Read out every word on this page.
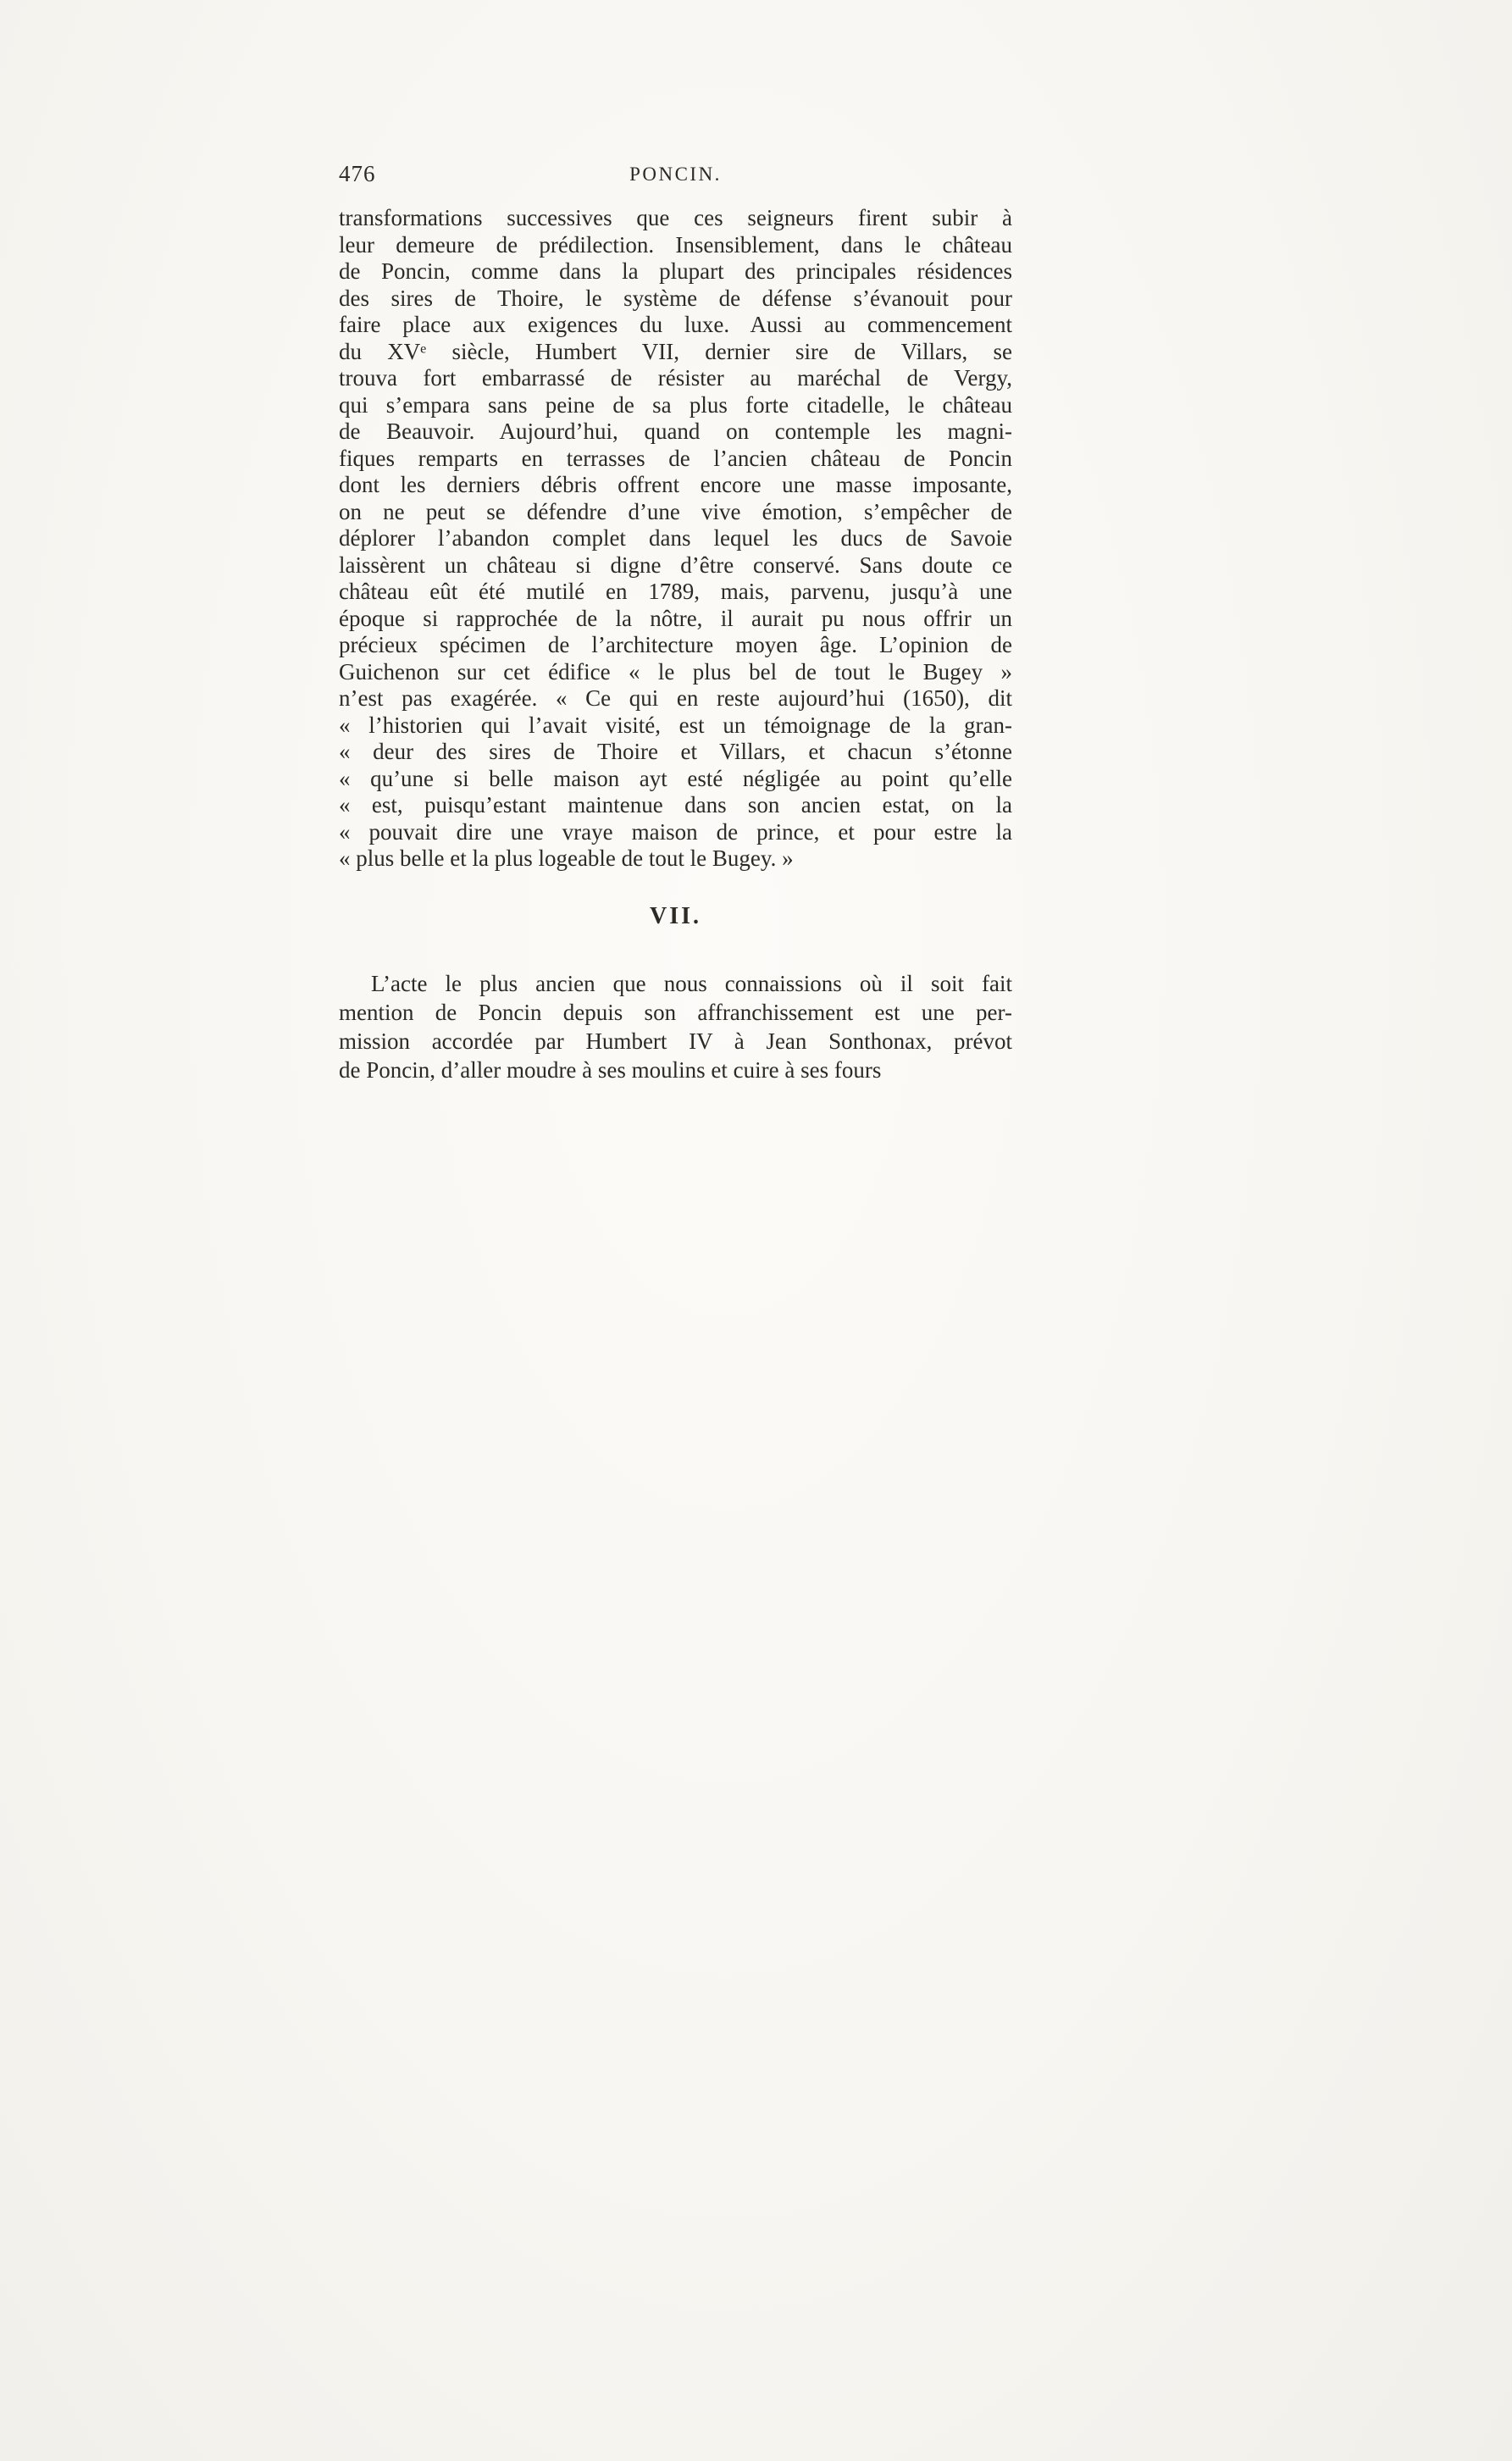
476	PONCIN.
transformations successives que ces seigneurs firent subir à
leur demeure de prédilection. Insensiblement, dans le château
de Poncin, comme dans la plupart des principales résidences
des sires de Thoire, le système de défense s’évanouit pour
faire place aux exigences du luxe. Aussi au commencement
du XVᵉ siècle, Humbert VII, dernier sire de Villars, se
trouva fort embarrassé de résister au maréchal de Vergy,
qui s’empara sans peine de sa plus forte citadelle, le château
de Beauvoir. Aujourd’hui, quand on contemple les magni-
fiques remparts en terrasses de l’ancien château de Poncin
dont les derniers débris offrent encore une masse imposante,
on ne peut se défendre d’une vive émotion, s’empêcher de
déplorer l’abandon complet dans lequel les ducs de Savoie
laissèrent un château si digne d’être conservé. Sans doute ce
château eût été mutilé en 1789, mais, parvenu, jusqu’à une
époque si rapprochée de la nôtre, il aurait pu nous offrir un
précieux spécimen de l’architecture moyen âge. L’opinion de
Guichenon sur cet édifice « le plus bel de tout le Bugey »
n’est pas exagérée. « Ce qui en reste aujourd’hui (1650), dit
« l’historien qui l’avait visité, est un témoignage de la gran-
« deur des sires de Thoire et Villars, et chacun s’étonne
« qu’une si belle maison ayt esté négligée au point qu’elle
« est, puisqu’estant maintenue dans son ancien estat, on la
« pouvait dire une vraye maison de prince, et pour estre la
« plus belle et la plus logeable de tout le Bugey. »
VII.
L’acte le plus ancien que nous connaissions où il soit fait
mention de Poncin depuis son affranchissement est une per-
mission accordée par Humbert IV à Jean Sonthonax, prévot
de Poncin, d’aller moudre à ses moulins et cuire à ses fours
